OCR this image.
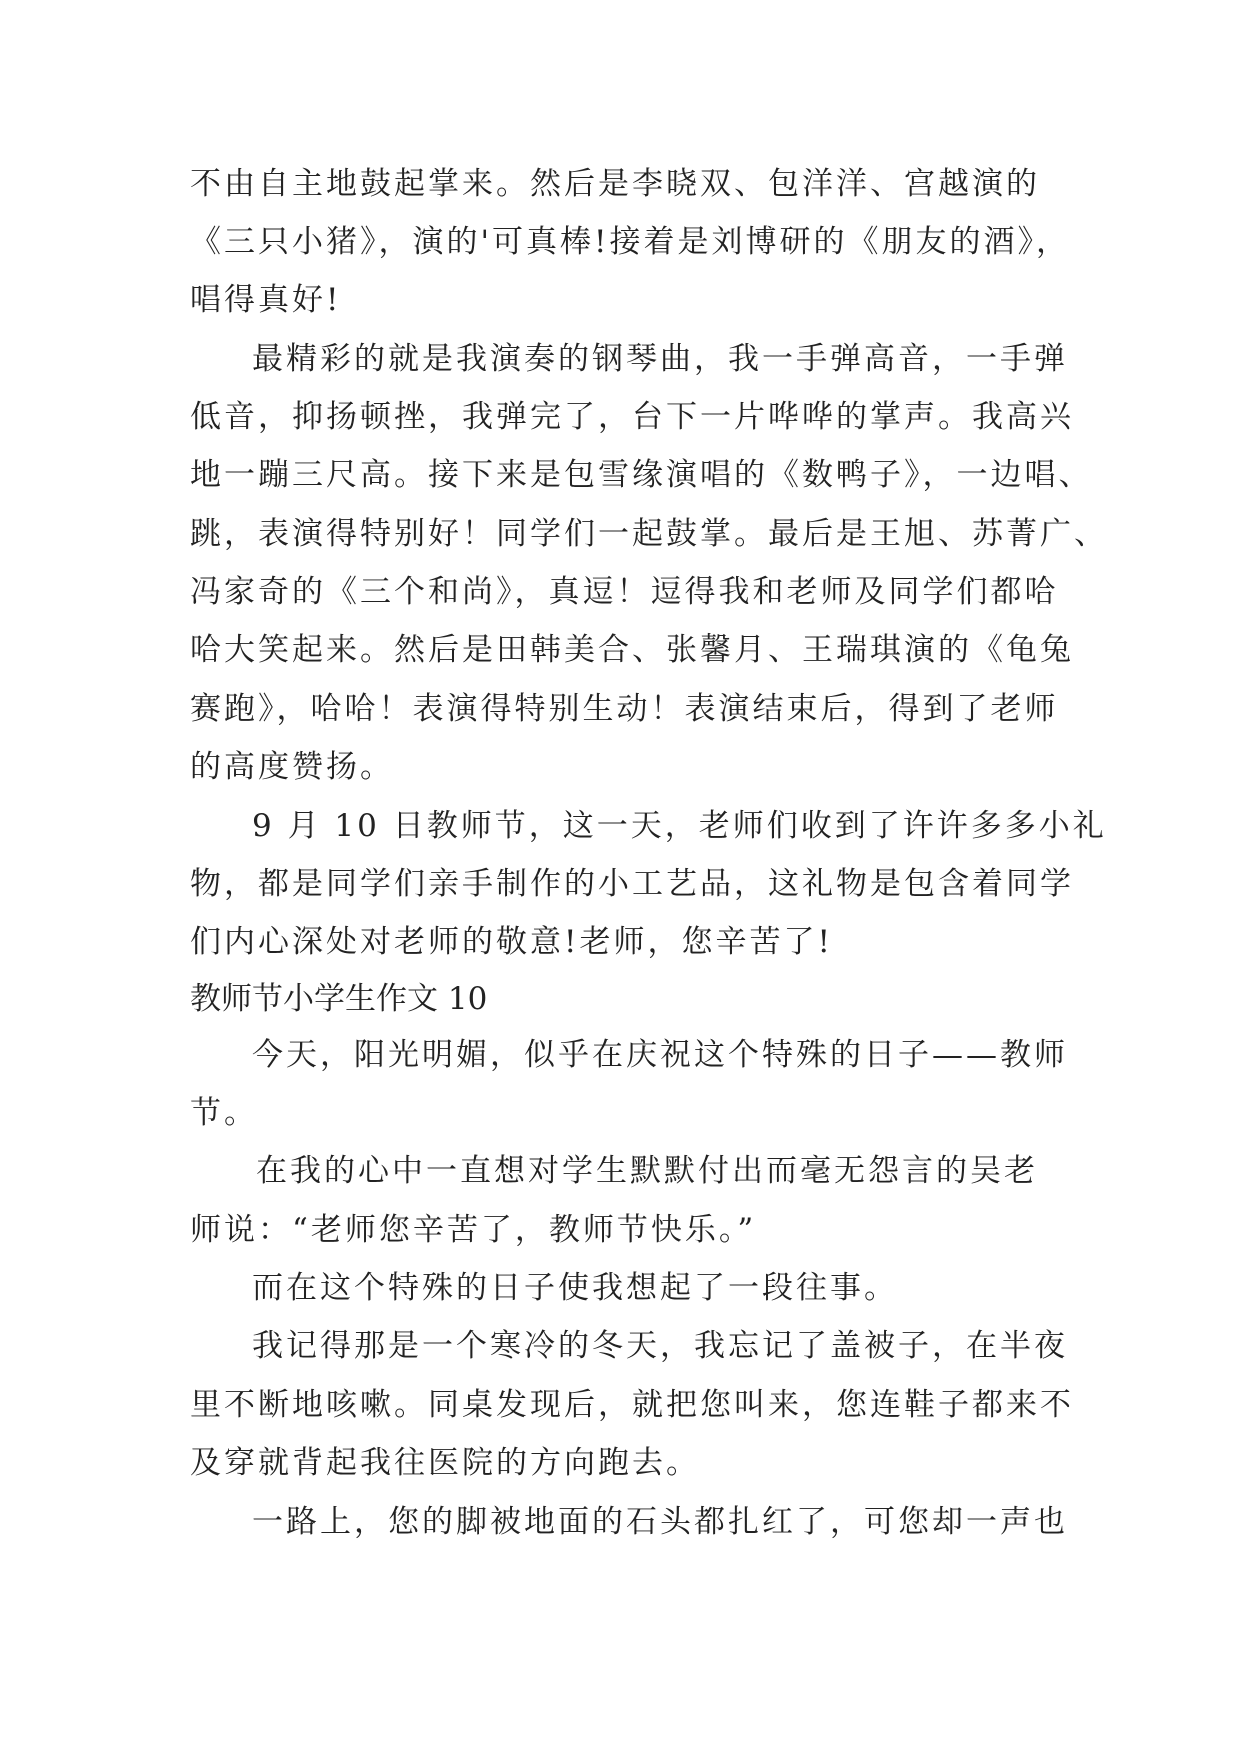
不由自主地鼓起掌来。然后是李晓双、包洋洋、宫越演的

《三只小猪》，演的'可真棒!接着是刘博研的《朋友的酒》，

唱得真好!

最精彩的就是我演奏的钢琴曲，我一手弹高音，一手弹

低音，抑扬顿挫，我弹完了，台下一片哗哗的掌声。我高兴

地一蹦三尺高。接下来是包雪缘演唱的《数鸭子》，一边唱、

跳，表演得特别好！同学们一起鼓掌。最后是王旭、苏菁广、

冯家奇的《三个和尚》，真逗！逗得我和老师及同学们都哈

哈大笑起来。然后是田韩美合、张馨月、王瑞琪演的《龟兔

赛跑》，哈哈！表演得特别生动！表演结束后，得到了老师

的高度赞扬。

9 月 10 日教师节，这一天，老师们收到了许许多多小礼

物，都是同学们亲手制作的小工艺品，这礼物是包含着同学

们内心深处对老师的敬意!老师，您辛苦了!

教师节小学生作文 10

今天，阳光明媚，似乎在庆祝这个特殊的日子——教师

节。

在我的心中一直想对学生默默付出而毫无怨言的吴老

师说：“老师您辛苦了，教师节快乐。”

而在这个特殊的日子使我想起了一段往事。

我记得那是一个寒冷的冬天，我忘记了盖被子，在半夜

里不断地咳嗽。同桌发现后，就把您叫来，您连鞋子都来不

及穿就背起我往医院的方向跑去。

一路上，您的脚被地面的石头都扎红了，可您却一声也
